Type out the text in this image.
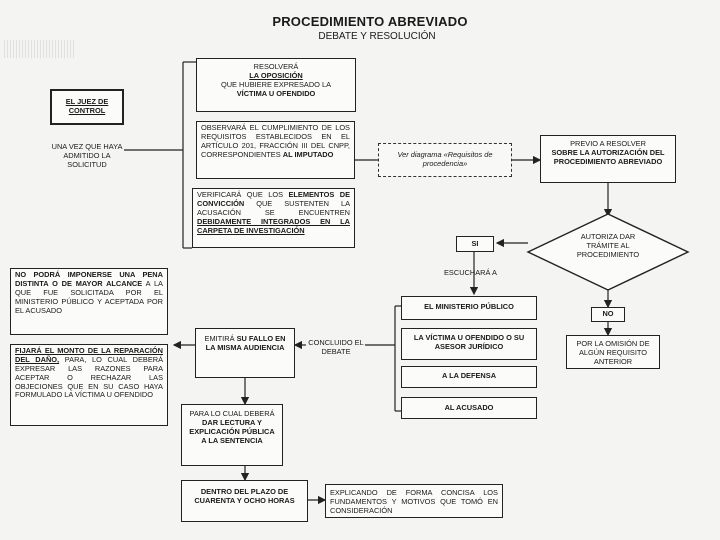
PROCEDIMIENTO ABREVIADO
DEBATE Y RESOLUCIÓN
EL JUEZ DE CONTROL
UNA VEZ QUE HAYA ADMITIDO LA SOLICITUD
RESOLVERÁ
LA OPOSICIÓN
QUE HUBIERE EXPRESADO LA
VÍCTIMA U OFENDIDO
OBSERVARÁ EL CUMPLIMIENTO DE LOS REQUISITOS ESTABLECIDOS EN EL ARTÍCULO 201, FRACCIÓN III DEL CNPP, CORRESPONDIENTES AL IMPUTADO
VERIFICARÁ QUE LOS ELEMENTOS DE CONVICCIÓN QUE SUSTENTEN LA ACUSACIÓN SE ENCUENTREN DEBIDAMENTE INTEGRADOS EN LA CARPETA DE INVESTIGACIÓN
Ver diagrama «Requisitos de procedencia»
PREVIO A RESOLVER
SOBRE LA AUTORIZACIÓN DEL PROCEDIMIENTO ABREVIADO
AUTORIZA DAR TRÁMITE AL PROCEDIMIENTO
SI
ESCUCHARÁ A
NO
POR LA OMISIÓN DE ALGÚN REQUISITO ANTERIOR
EL MINISTERIO PÚBLICO
LA VÍCTIMA U OFENDIDO O SU ASESOR JURÍDICO
A LA DEFENSA
AL ACUSADO
CONCLUIDO EL DEBATE
EMITIRÁ SU FALLO EN LA MISMA AUDIENCIA
NO PODRÁ IMPONERSE UNA PENA DISTINTA O DE MAYOR ALCANCE A LA QUE FUE SOLICITADA POR EL MINISTERIO PÚBLICO Y ACEPTADA POR EL ACUSADO
FIJARÁ EL MONTO DE LA REPARACIÓN DEL DAÑO, PARA, LO CUAL DEBERÁ EXPRESAR LAS RAZONES PARA ACEPTAR O RECHAZAR LAS OBJECIONES QUE EN SU CASO HAYA FORMULADO LA VÍCTIMA U OFENDIDO
PARA LO CUAL DEBERÁ
DAR LECTURA Y EXPLICACIÓN PÚBLICA A LA SENTENCIA
DENTRO DEL PLAZO DE CUARENTA Y OCHO HORAS
EXPLICANDO DE FORMA CONCISA LOS FUNDAMENTOS Y MOTIVOS QUE TOMÓ EN CONSIDERACIÓN
